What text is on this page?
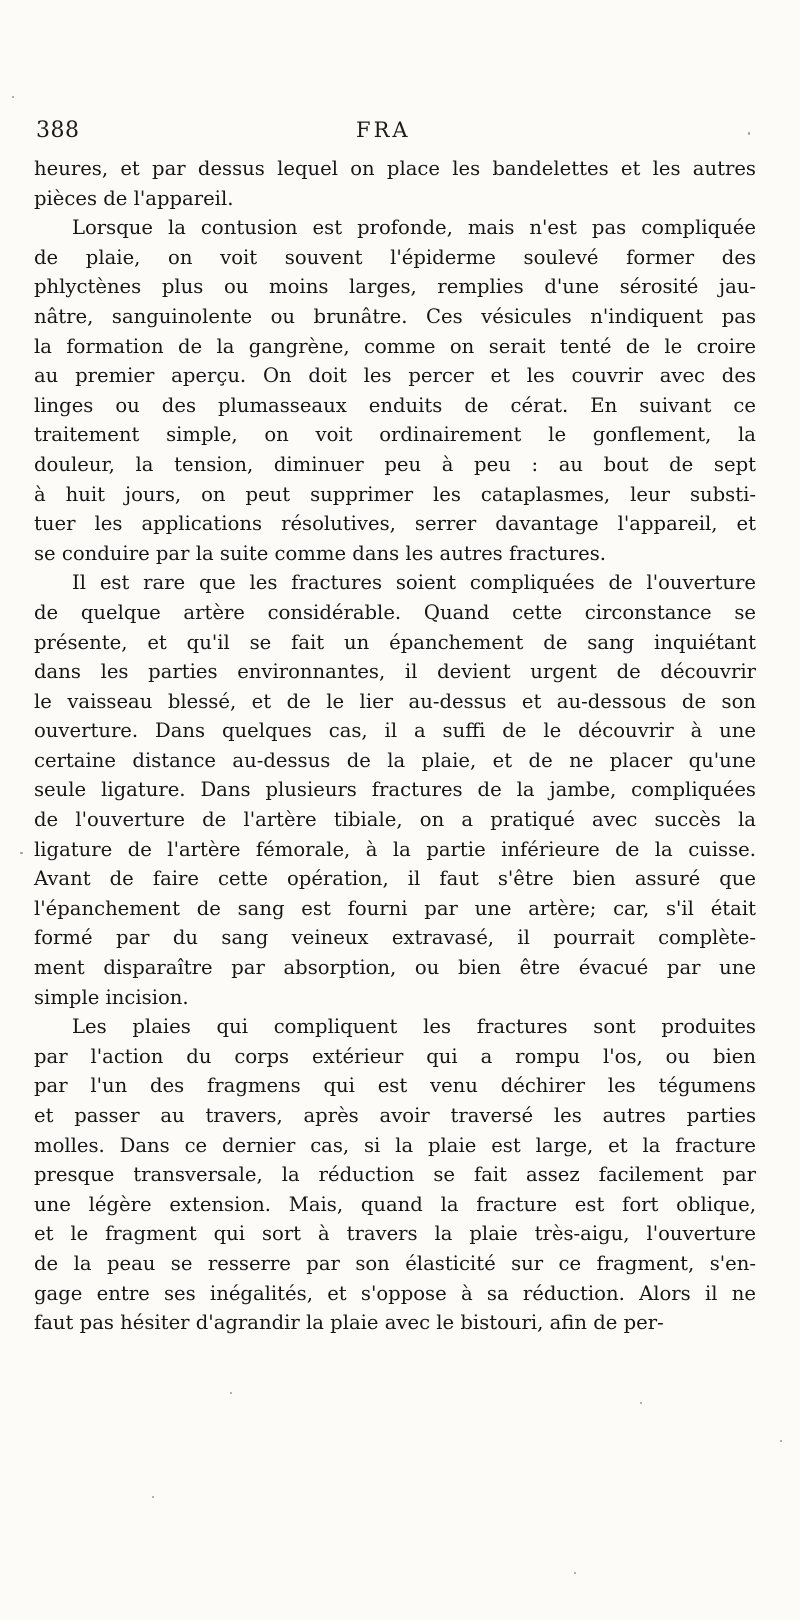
388	FRA
heures, et par dessus lequel on place les bandelettes et les autres
pièces de l'appareil.
Lorsque la contusion est profonde, mais n'est pas compliquée
de plaie, on voit souvent l'épiderme soulevé former des
phlyctènes plus ou moins larges, remplies d'une sérosité jau-
nâtre, sanguinolente ou brunâtre. Ces vésicules n'indiquent pas
la formation de la gangrène, comme on serait tenté de le croire
au premier aperçu. On doit les percer et les couvrir avec des
linges ou des plumasseaux enduits de cérat. En suivant ce
traitement simple, on voit ordinairement le gonflement, la
douleur, la tension, diminuer peu à peu : au bout de sept
à huit jours, on peut supprimer les cataplasmes, leur substi-
tuer les applications résolutives, serrer davantage l'appareil, et
se conduire par la suite comme dans les autres fractures.
Il est rare que les fractures soient compliquées de l'ouverture
de quelque artère considérable. Quand cette circonstance se
présente, et qu'il se fait un épanchement de sang inquiétant
dans les parties environnantes, il devient urgent de découvrir
le vaisseau blessé, et de le lier au-dessus et au-dessous de son
ouverture. Dans quelques cas, il a suffi de le découvrir à une
certaine distance au-dessus de la plaie, et de ne placer qu'une
seule ligature. Dans plusieurs fractures de la jambe, compliquées
de l'ouverture de l'artère tibiale, on a pratiqué avec succès la
ligature de l'artère fémorale, à la partie inférieure de la cuisse.
Avant de faire cette opération, il faut s'être bien assuré que
l'épanchement de sang est fourni par une artère; car, s'il était
formé par du sang veineux extravasé, il pourrait complète-
ment disparaître par absorption, ou bien être évacué par une
simple incision.
Les plaies qui compliquent les fractures sont produites
par l'action du corps extérieur qui a rompu l'os, ou bien
par l'un des fragmens qui est venu déchirer les tégumens
et passer au travers, après avoir traversé les autres parties
molles. Dans ce dernier cas, si la plaie est large, et la fracture
presque transversale, la réduction se fait assez facilement par
une légère extension. Mais, quand la fracture est fort oblique,
et le fragment qui sort à travers la plaie très-aigu, l'ouverture
de la peau se resserre par son élasticité sur ce fragment, s'en-
gage entre ses inégalités, et s'oppose à sa réduction. Alors il ne
faut pas hésiter d'agrandir la plaie avec le bistouri, afin de per-
